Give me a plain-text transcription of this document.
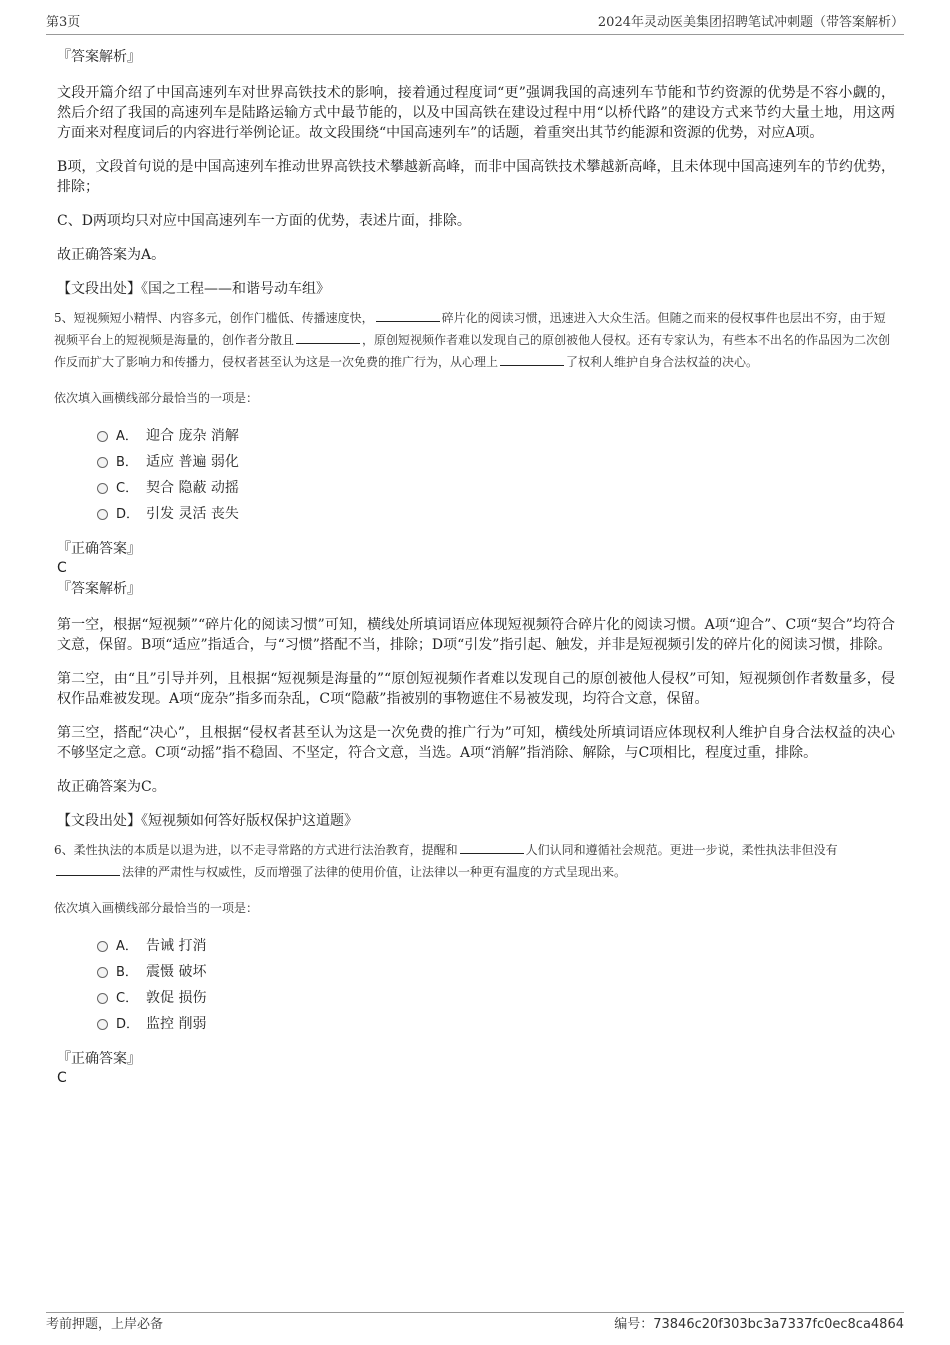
第3页	2024年灵动医美集团招聘笔试冲刺题（带答案解析）
『答案解析』

文段开篇介绍了中国高速列车对世界高铁技术的影响，接着通过程度词“更”强调我国的高速列车节能和节约资源的优势是不容小觑的，然后介绍了我国的高速列车是陆路运输方式中最节能的，以及中国高铁在建设过程中用“以桥代路”的建设方式来节约大量土地，用这两方面来对程度词后的内容进行举例论证。故文段围绕“中国高速列车”的话题，着重突出其节约能源和资源的优势，对应A项。

B项，文段首句说的是中国高速列车推动世界高铁技术攀越新高峰，而非中国高铁技术攀越新高峰，且未体现中国高速列车的节约优势，排除；

C、D两项均只对应中国高速列车一方面的优势，表述片面，排除。

故正确答案为A。

【文段出处】《国之工程——和谐号动车组》

5、短视频短小精悍、内容多元，创作门槛低、传播速度快，	碎片化的阅读习惯，迅速进入大众生活。但随之而来的侵权事件也层出不穷，由于短视频平台上的短视频是海量的，创作者分散且	，原创短视频作者难以发现自己的原创被他人侵权。还有专家认为，有些本不出名的作品因为二次创作反而扩大了影响力和传播力，侵权者甚至认为这是一次免费的推广行为，从心理上	了权利人维护自身合法权益的决心。

依次填入画横线部分最恰当的一项是：

A． 迎合 庞杂 消解
B． 适应 普遍 弱化
C． 契合 隐蔽 动摇
D． 引发 灵活 丧失
『正确答案』
C
『答案解析』

第一空，根据“短视频”“碎片化的阅读习惯”可知，横线处所填词语应体现短视频符合碎片化的阅读习惯。A项“迎合”、C项“契合”均符合文意，保留。B项“适应”指适合，与“习惯”搭配不当，排除；D项“引发”指引起、触发，并非是短视频引发的碎片化的阅读习惯，排除。

第二空，由“且”引导并列，且根据“短视频是海量的”“原创短视频作者难以发现自己的原创被他人侵权”可知，短视频创作者数量多，侵权作品难被发现。A项“庞杂”指多而杂乱，C项“隐蔽”指被别的事物遮住不易被发现，均符合文意，保留。

第三空，搭配“决心”，且根据“侵权者甚至认为这是一次免费的推广行为”可知，横线处所填词语应体现权利人维护自身合法权益的决心不够坚定之意。C项“动摇”指不稳固、不坚定，符合文意，当选。A项“消解”指消除、解除，与C项相比，程度过重，排除。

故正确答案为C。

【文段出处】《短视频如何答好版权保护这道题》

6、柔性执法的本质是以退为进，以不走寻常路的方式进行法治教育，提醒和	人们认同和遵循社会规范。更进一步说，柔性执法非但没有法律的严肃性与权威性，反而增强了法律的使用价值，让法律以一种更有温度的方式呈现出来。

依次填入画横线部分最恰当的一项是：

A． 告诫 打消
B． 震慑 破坏
C． 敦促 损伤
D． 监控 削弱
『正确答案』
C
考前押题，上岸必备	编号：73846c20f303bc3a7337fc0ec8ca4864
